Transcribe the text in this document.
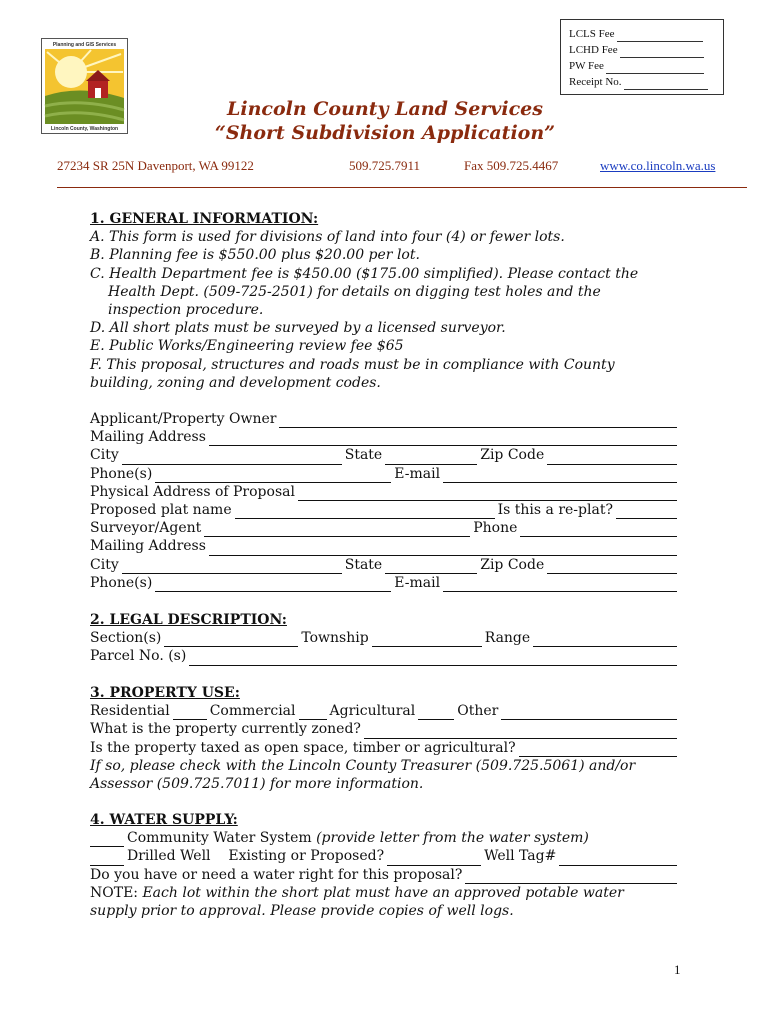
LCLS Fee
LCHD Fee
PW Fee
Receipt No.
Planning and GIS Services
Lincoln County, Washington
Lincoln County Land Services
“Short Subdivision Application”
27234 SR 25N Davenport, WA 99122	509.725.7911	Fax 509.725.4467	www.co.lincoln.wa.us
1. GENERAL INFORMATION:
A. This form is used for divisions of land into four (4) or fewer lots.
B. Planning fee is $550.00 plus $20.00 per lot.
C. Health Department fee is $450.00 ($175.00 simplified). Please contact the
Health Dept. (509-725-2501) for details on digging test holes and the
inspection procedure.
D. All short plats must be surveyed by a licensed surveyor.
E. Public Works/Engineering review fee $65
F. This proposal, structures and roads must be in compliance with County
building, zoning and development codes.
Applicant/Property Owner
Mailing Address
City	State	Zip Code
Phone(s)	E-mail
Physical Address of Proposal
Proposed plat name	Is this a re-plat?
Surveyor/Agent	Phone
Mailing Address
City	State	Zip Code
Phone(s)	E-mail
2. LEGAL DESCRIPTION:
Section(s)	Township	Range
Parcel No. (s)
3. PROPERTY USE:
Residential	Commercial Agricultural	Other
What is the property currently zoned?
Is the property taxed as open space, timber or agricultural?
If so, please check with the Lincoln County Treasurer (509.725.5061) and/or
Assessor (509.725.7011) for more information.
4. WATER SUPPLY:
Community Water System
(provide letter from the water system)
Drilled Well
Existing or Proposed?	Well Tag#
Do you have or need a water right for this proposal?
NOTE: Each lot within the short plat must have an approved potable water
supply prior to approval. Please provide copies of well logs.
1
